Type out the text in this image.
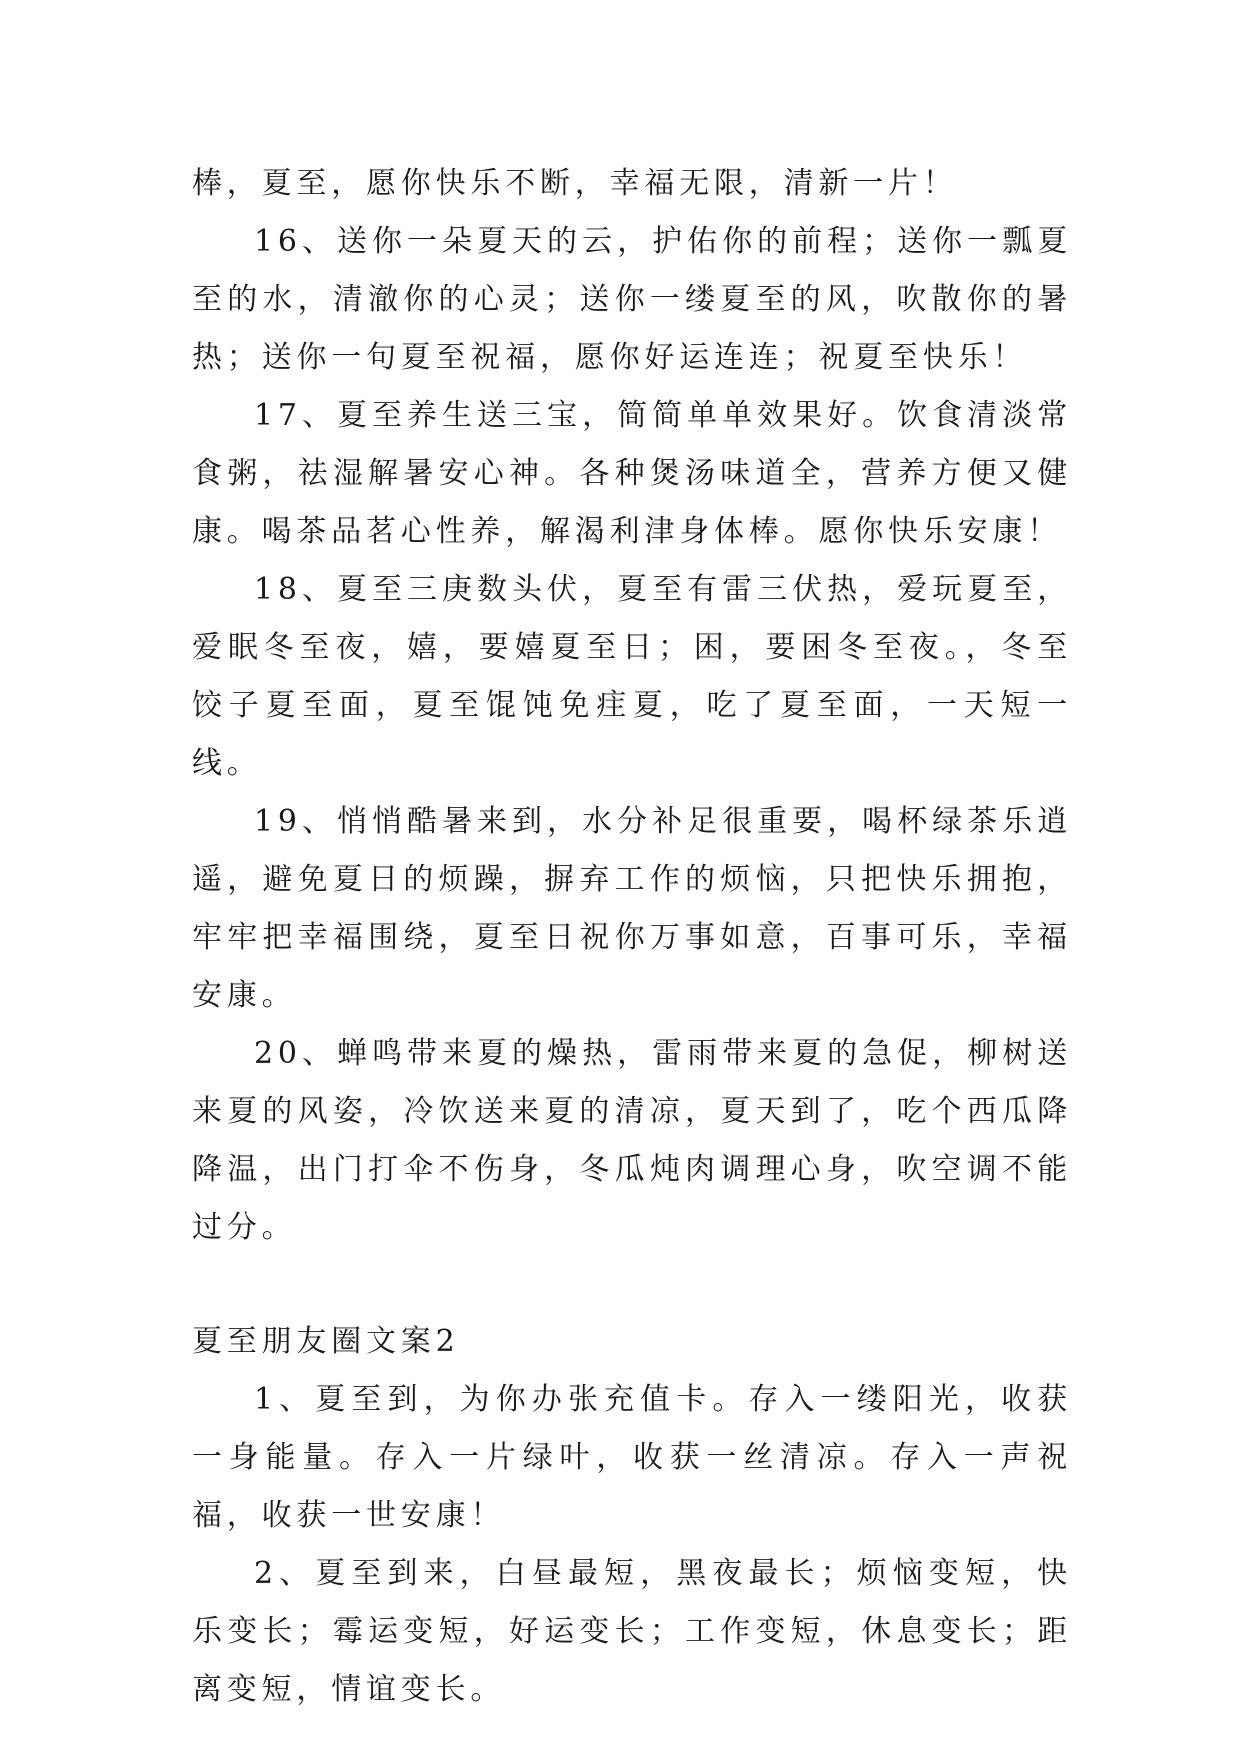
棒，夏至，愿你快乐不断，幸福无限，清新一片！

16、送你一朵夏天的云，护佑你的前程；送你一瓢夏至的水，清澈你的心灵；送你一缕夏至的风，吹散你的暑热；送你一句夏至祝福，愿你好运连连；祝夏至快乐！

17、夏至养生送三宝，简简单单效果好。饮食清淡常食粥，祛湿解暑安心神。各种煲汤味道全，营养方便又健康。喝茶品茗心性养，解渴利津身体棒。愿你快乐安康！

18、夏至三庚数头伏，夏至有雷三伏热，爱玩夏至，爱眠冬至夜，嬉，要嬉夏至日；困，要困冬至夜。，冬至饺子夏至面，夏至馄饨免疰夏，吃了夏至面，一天短一线。

19、悄悄酷暑来到，水分补足很重要，喝杯绿茶乐逍遥，避免夏日的烦躁，摒弃工作的烦恼，只把快乐拥抱，牢牢把幸福围绕，夏至日祝你万事如意，百事可乐，幸福安康。

20、蝉鸣带来夏的燥热，雷雨带来夏的急促，柳树送来夏的风姿，冷饮送来夏的清凉，夏天到了，吃个西瓜降降温，出门打伞不伤身，冬瓜炖肉调理心身，吹空调不能过分。

夏至朋友圈文案2

1、夏至到，为你办张充值卡。存入一缕阳光，收获一身能量。存入一片绿叶，收获一丝清凉。存入一声祝福，收获一世安康！

2、夏至到来，白昼最短，黑夜最长；烦恼变短，快乐变长；霉运变短，好运变长；工作变短，休息变长；距离变短，情谊变长。
